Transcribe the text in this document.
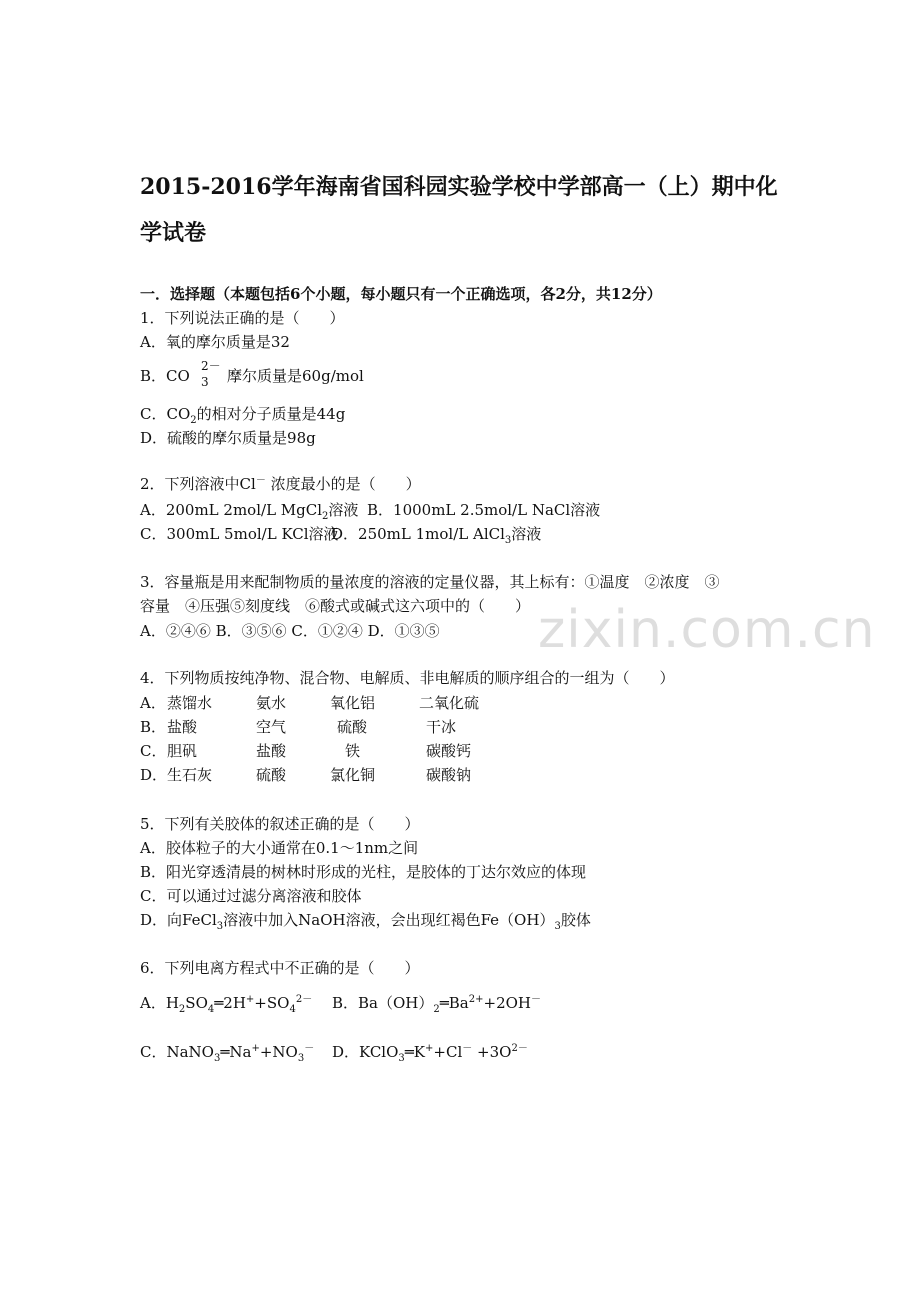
zixin.com.cn
2015-2016学年海南省国科园实验学校中学部高一（上）期中化
学试卷
一．选择题（本题包括6个小题，每小题只有一个正确选项，各2分，共12分）
1．下列说法正确的是（　　）
A．氧的摩尔质量是32
B．CO
2－
3 摩尔质量是60g/mol
C．$CO_2$的相对分子质量是44g
D．硫酸的摩尔质量是98g
2．下列溶液中Cl－ 浓度最小的是（　　）
A．200mL 2mol/L MgCl$_2$溶液 B．1000mL 2.5mol/L NaCl溶液
C．300mL 5mol/L KCl溶液
D．250mL 1mol/L AlCl$_3$溶液
3．容量瓶是用来配制物质的量浓度的溶液的定量仪器，其上标有：①温度　②浓度　③
容量　④压强⑤刻度线　⑥酸式或碱式这六项中的（　　）
A．②④⑥ B．③⑤⑥ C．①②④ D．①③⑤
4．下列物质按纯净物、混合物、电解质、非电解质的顺序组合的一组为（　　）
A． 蒸馏水	氨水	氧化铝	二氧化硫
B． 盐酸	空气	硫酸	干冰
C． 胆矾	盐酸	铁	碳酸钙
D． 生石灰	硫酸	氯化铜	碳酸钠
5．下列有关胶体的叙述正确的是（　　）
A．胶体粒子的大小通常在0.1～1nm之间
B．阳光穿透清晨的树林时形成的光柱，是胶体的丁达尔效应的体现
C．可以通过过滤分离溶液和胶体
D．向FeCl$_3$溶液中加入NaOH溶液，会出现红褐色$Fe(OH)_3$胶体
6．下列电离方程式中不正确的是（　　）
A．$H_2SO_4═2H^++SO_4^{2-}$ B．$Ba(OH)_2═Ba^{2+}+2OH^-$
C．$NaNO_3═Na^++NO_3^-$ D．KClO$_3$═K++Cl－ $+3O^{2-}$
